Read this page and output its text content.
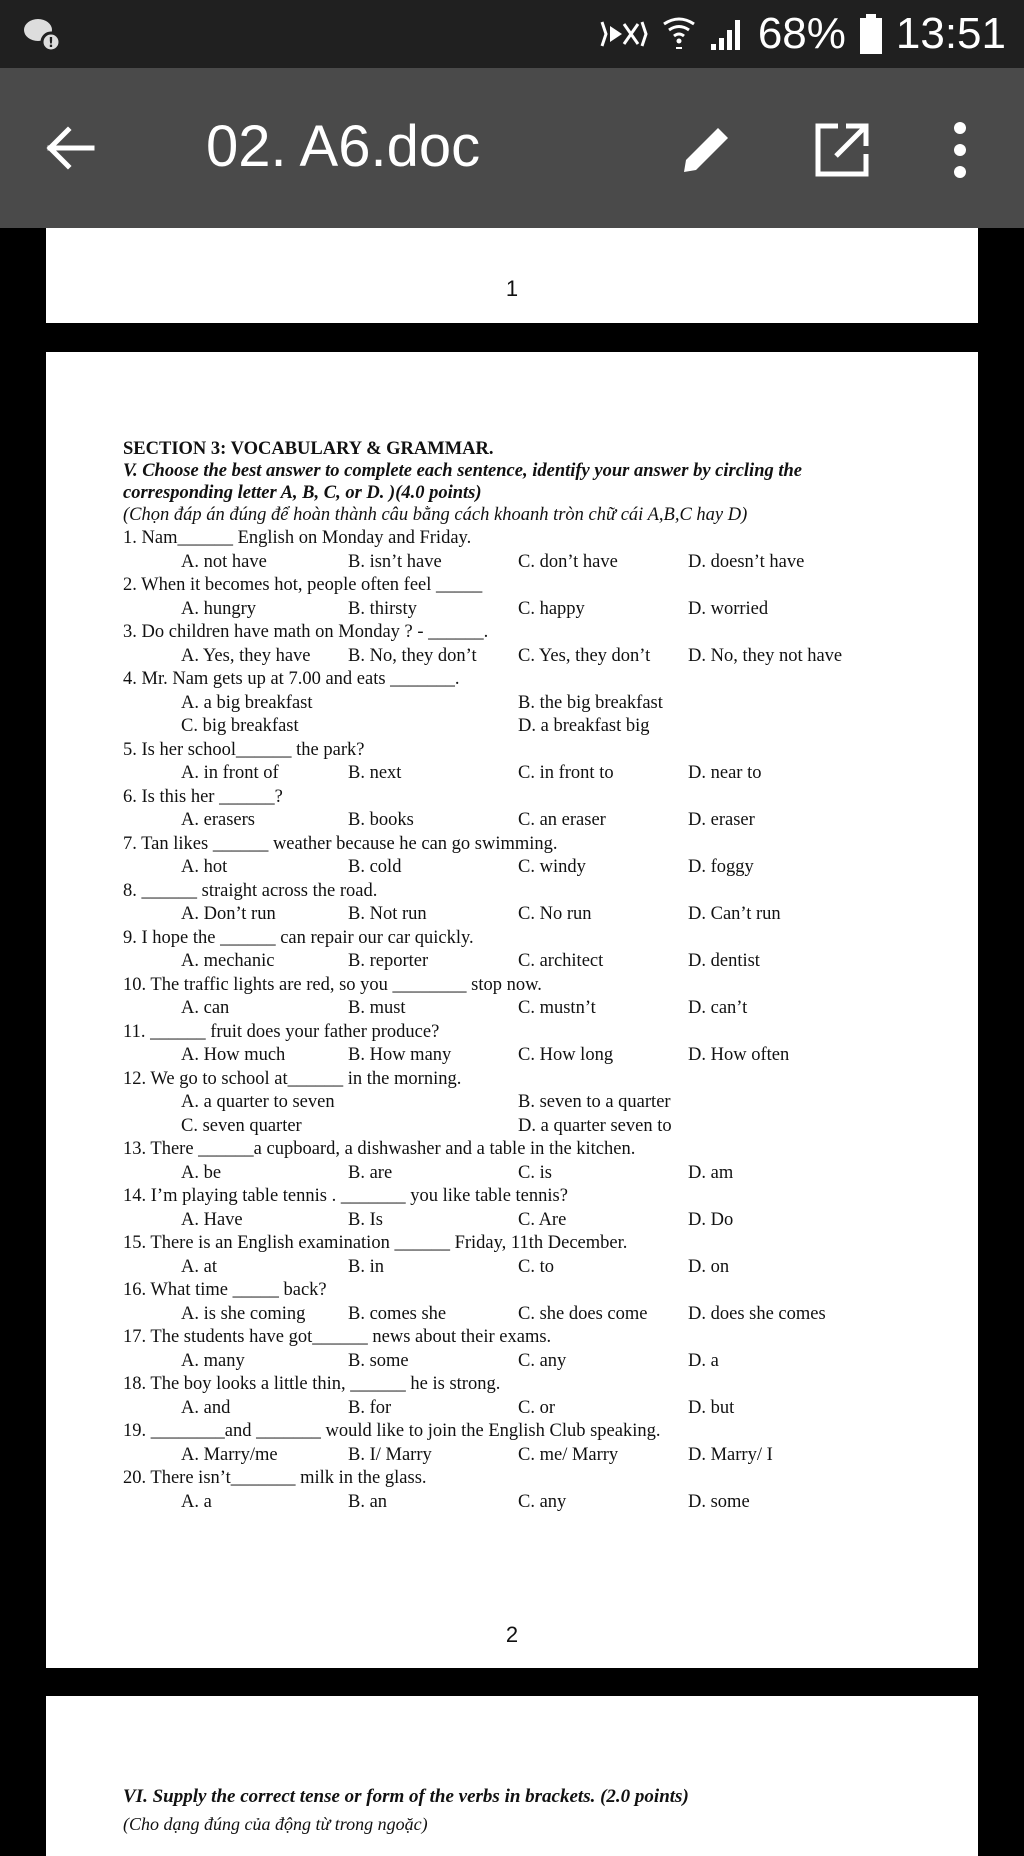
!	68% 13:51
02. A6.doc
1
SECTION 3: VOCABULARY & GRAMMAR.
V. Choose the best answer to complete each sentence, identify your answer by circling the
corresponding letter A, B, C, or D. )(4.0 points)
(Chọn đáp án đúng để hoàn thành câu bằng cách khoanh tròn chữ cái A,B,C hay D)
1. Nam______ English on Monday and Friday.
A. not have	B. isn’t have	C. don’t have	D. doesn’t have
2. When it becomes hot, people often feel _____
A. hungry	B. thirsty	C. happy	D. worried
3. Do children have math on Monday ? - ______.
A. Yes, they have B. No, they don’t C. Yes, they don’t D. No, they not have
4. Mr. Nam gets up at 7.00 and eats _______.
A. a big breakfast	B. the big breakfast
C. big breakfast	D. a breakfast big
5. Is her school______ the park?
A. in front of	B. next	C. in front to	D. near to
6. Is this her ______?
A. erasers	B. books	C. an eraser	D. eraser
7. Tan likes ______ weather because he can go swimming.
A. hot	B. cold	C. windy	D. foggy
8. ______ straight across the road.
A. Don’t run	B. Not run	C. No run	D. Can’t run
9. I hope the ______ can repair our car quickly.
A. mechanic	B. reporter	C. architect	D. dentist
10. The traffic lights are red, so you ________ stop now.
A. can	B. must	C. mustn’t	D. can’t
11. ______ fruit does your father produce?
A. How much	B. How many	C. How long	D. How often
12. We go to school at______ in the morning.
A. a quarter to seven	B. seven to a quarter
C. seven quarter	D. a quarter seven to
13. There ______a cupboard, a dishwasher and a table in the kitchen.
A. be	B. are	C. is	D. am
14. I’m playing table tennis . _______ you like table tennis?
A. Have	B. Is	C. Are	D. Do
15. There is an English examination ______ Friday, 11th December.
A. at	B. in	C. to	D. on
16. What time _____ back?
A. is she coming B. comes she	C. she does come D. does she comes
17. The students have got______ news about their exams.
A. many	B. some	C. any	D. a
18. The boy looks a little thin, ______ he is strong.
A. and	B. for	C. or	D. but
19. ________and _______ would like to join the English Club speaking.
A. Marry/me	B. I/ Marry	C. me/ Marry	D. Marry/ I
20. There isn’t_______ milk in the glass.
A. a	B. an	C. any	D. some
2
VI. Supply the correct tense or form of the verbs in brackets. (2.0 points)
(Cho dạng đúng của động từ trong ngoặc)
